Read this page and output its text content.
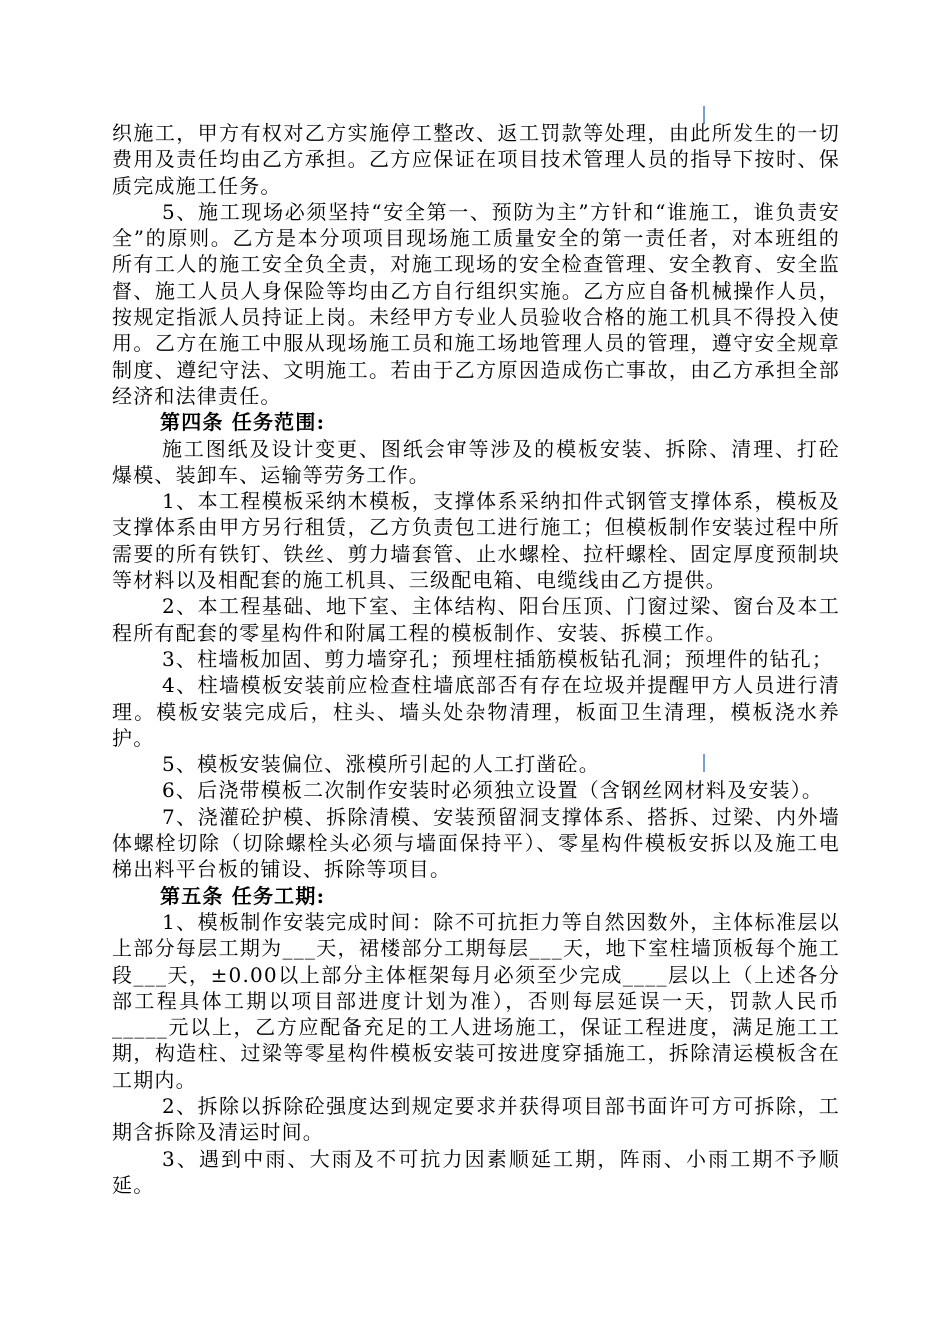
织施工，甲方有权对乙方实施停工整改、返工罚款等处理，由此所发生的一切费用及责任均由乙方承担。乙方应保证在项目技术管理人员的指导下按时、保质完成施工任务。

5、施工现场必须坚持“安全第一、预防为主”方针和“谁施工，谁负责安全”的原则。乙方是本分项项目现场施工质量安全的第一责任者，对本班组的所有工人的施工安全负全责，对施工现场的安全检查管理、安全教育、安全监督、施工人员人身保险等均由乙方自行组织实施。乙方应自备机械操作人员，按规定指派人员持证上岗。未经甲方专业人员验收合格的施工机具不得投入使用。乙方在施工中服从现场施工员和施工场地管理人员的管理，遵守安全规章制度、遵纪守法、文明施工。若由于乙方原因造成伤亡事故，由乙方承担全部经济和法律责任。

第四条 任务范围:

施工图纸及设计变更、图纸会审等涉及的模板安装、拆除、清理、打砼爆模、装卸车、运输等劳务工作。

1、本工程模板采纳木模板，支撑体系采纳扣件式钢管支撑体系，模板及支撑体系由甲方另行租赁，乙方负责包工进行施工；但模板制作安装过程中所需要的所有铁钉、铁丝、剪力墙套管、止水螺栓、拉杆螺栓、固定厚度预制块等材料以及相配套的施工机具、三级配电箱、电缆线由乙方提供。

2、本工程基础、地下室、主体结构、阳台压顶、门窗过梁、窗台及本工程所有配套的零星构件和附属工程的模板制作、安装、拆模工作。

3、柱墙板加固、剪力墙穿孔；预埋柱插筋模板钻孔洞；预埋件的钻孔；

4、柱墙模板安装前应检查柱墙底部否有存在垃圾并提醒甲方人员进行清理。模板安装完成后，柱头、墙头处杂物清理，板面卫生清理，模板浇水养护。

5、模板安装偏位、涨模所引起的人工打凿砼。

6、后浇带模板二次制作安装时必须独立设置（含钢丝网材料及安装）。

7、浇灌砼护模、拆除清模、安装预留洞支撑体系、搭拆、过梁、内外墙体螺栓切除（切除螺栓头必须与墙面保持平）、零星构件模板安拆以及施工电梯出料平台板的铺设、拆除等项目。

第五条 任务工期:

1、模板制作安装完成时间：除不可抗拒力等自然因数外，主体标准层以上部分每层工期为___天，裙楼部分工期每层___天，地下室柱墙顶板每个施工段___天，±0.00以上部分主体框架每月必须至少完成____层以上（上述各分部工程具体工期以项目部进度计划为准），否则每层延误一天，罚款人民币_____元以上，乙方应配备充足的工人进场施工，保证工程进度，满足施工工期，构造柱、过梁等零星构件模板安装可按进度穿插施工，拆除清运模板含在工期内。

2、拆除以拆除砼强度达到规定要求并获得项目部书面许可方可拆除，工期含拆除及清运时间。

3、遇到中雨、大雨及不可抗力因素顺延工期，阵雨、小雨工期不予顺延。
